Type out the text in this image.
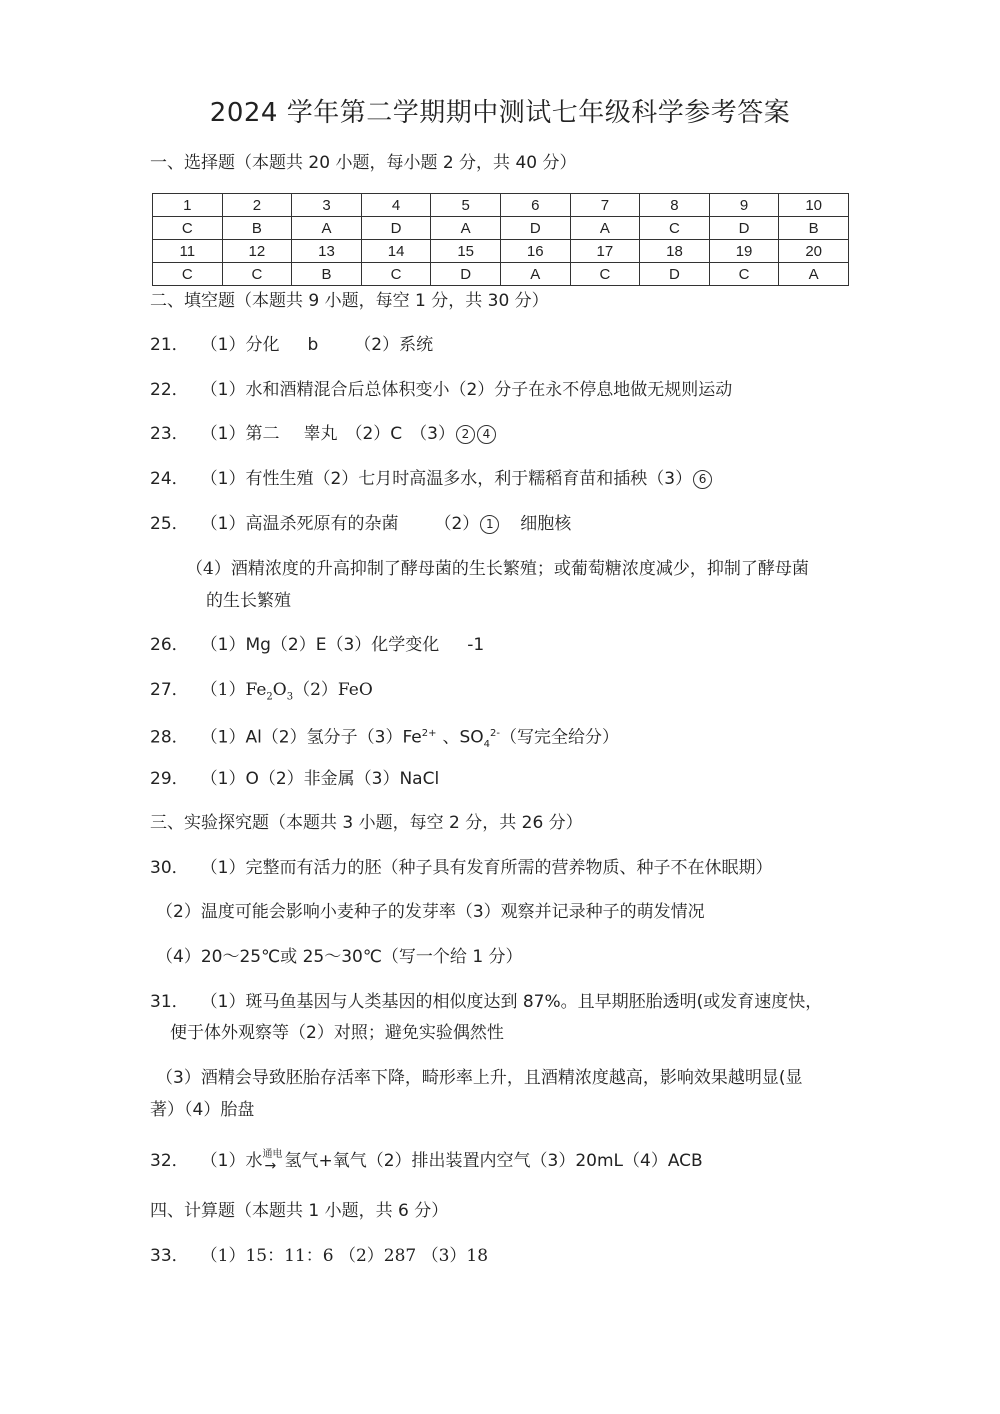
2024 学年第二学期期中测试七年级科学参考答案
一、选择题（本题共 20 小题，每小题 2 分，共 40 分）
1	2	3	4	5	6	7	8	9	10
C	B	A	D	A	D	A	C	D	B
11	12	13	14	15	16	17	18	19	20
C	C	B	C	D	A	C	D	C	A
二、填空题（本题共 9 小题，每空 1 分，共 30 分）
21． （1）分化 b （2）系统
22． （1）水和酒精混合后总体积变小（2）分子在永不停息地做无规则运动
23． （1）第二 睾丸 （2）C （3） 2 4
24． （1）有性生殖（2）七月时高温多水，利于糯稻育苗和插秧（3） 6
25． （1）高温杀死原有的杂菌 （2） 1 细胞核
（4）酒精浓度的升高抑制了酵母菌的生长繁殖；或葡萄糖浓度减少，抑制了酵母菌
的生长繁殖
26． （1）Mg（2）E（3）化学变化 -1
27． $(1)Fe_2O_3(2)FeO$
28． （1）Al（2）氢分子$(3)Fe^{2+}$ 、$SO_4^{2-}$（写完全给分）
29． （1）O（2）非金属（3）NaCl
三、实验探究题（本题共 3 小题，每空 2 分，共 26 分）
30． （1）完整而有活力的胚（种子具有发育所需的营养物质、种子不在休眠期）
（2）温度可能会影响小麦种子的发芽率（3）观察并记录种子的萌发情况
（4）20～25℃或 25～30℃（写一个给 1 分）
31． （1）斑马鱼基因与人类基因的相似度达到 87%。且早期胚胎透明(或发育速度快，
便于体外观察等（2）对照；避免实验偶然性
（3）酒精会导致胚胎存活率下降，畸形率上升，且酒精浓度越高，影响效果越明显(显
著）（4）胎盘
32． （1）水 通电
→ 氢气+氧气（2）排出装置内空气（3）20mL（4）ACB
四、计算题（本题共 1 小题，共 6 分）
33． （1）15：11：6 （2）287 （3）18
